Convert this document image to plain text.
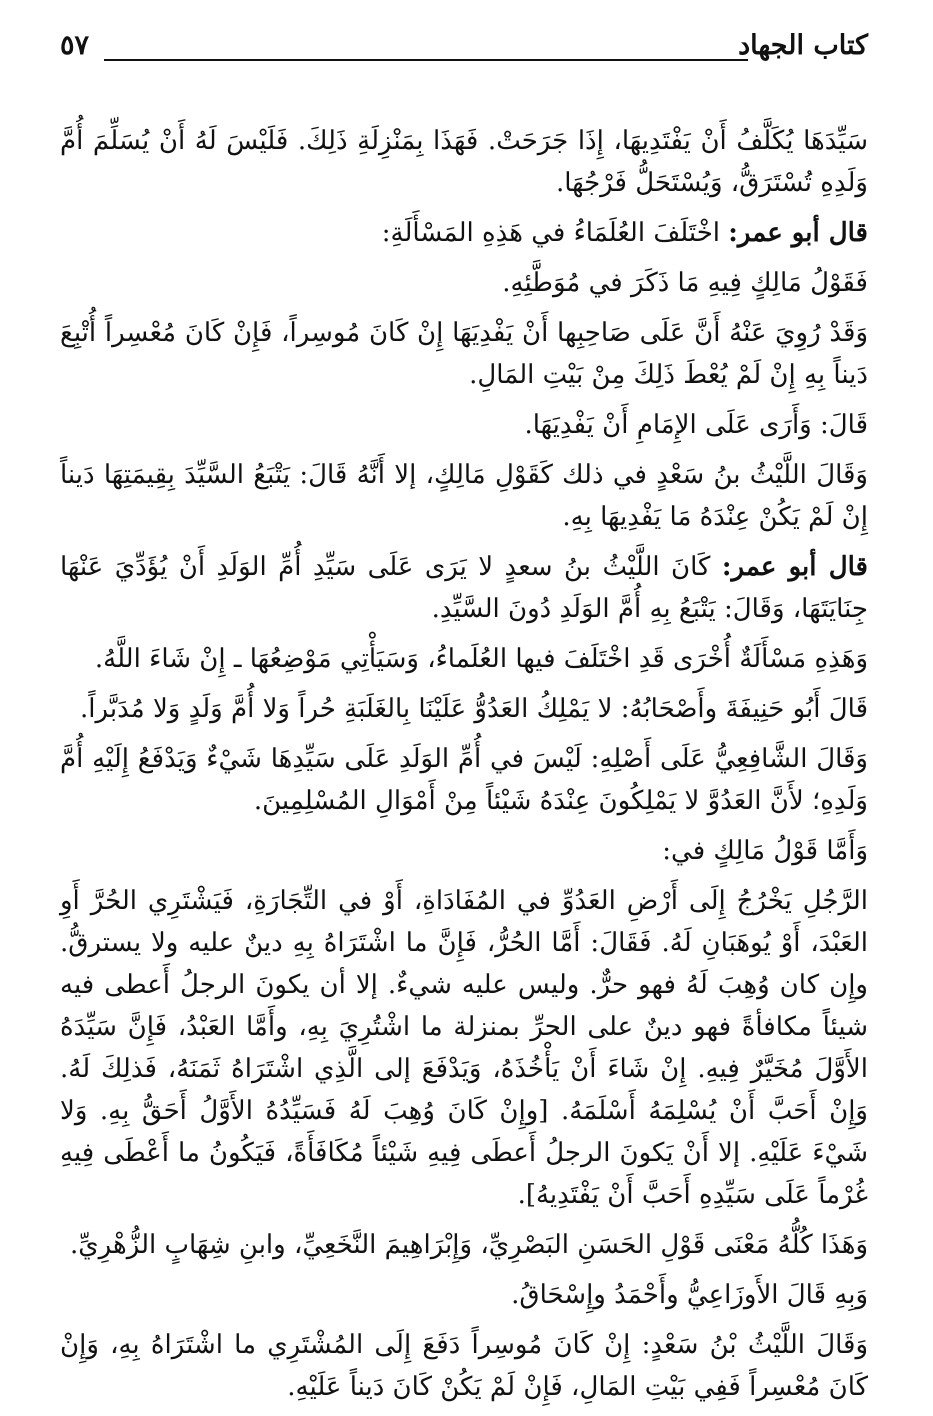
كتاب الجهاد
٥٧

سَيِّدَهَا يُكَلَّفُ أَنْ يَفْتَدِيهَا، إِذَا جَرَحَتْ. فَهَذَا بِمَنْزِلَةِ ذَلِكَ. فَلَيْسَ لَهُ أَنْ يُسَلِّمَ أُمَّ وَلَدِهِ تُسْتَرَقُّ، وَيُسْتَحَلُّ فَرْجُهَا.

قال أبو عمر: اخْتَلَفَ العُلَمَاءُ في هَذِهِ المَسْأَلَةِ:

فَقَوْلُ مَالِكٍ فِيهِ مَا ذَكَرَ في مُوَطَّئِهِ.

وَقَدْ رُوِيَ عَنْهُ أَنَّ عَلَى صَاحِبِها أَنْ يَفْدِيَهَا إِنْ كَانَ مُوسِراً، فَإِنْ كَانَ مُعْسِراً أُتْبِعَ دَيناً بِهِ إِنْ لَمْ يُعْطَ ذَلِكَ مِنْ بَيْتِ المَالِ.

قَالَ: وَأَرَى عَلَى الإِمَامِ أَنْ يَفْدِيَهَا.

وَقَالَ اللَّيْثُ بنُ سَعْدٍ في ذلك كَقَوْلِ مَالِكٍ، إلا أَنَّهُ قَالَ: يَتْبَعُ السَّيِّدَ بِقِيمَتِهَا دَيناً إِنْ لَمْ يَكُنْ عِنْدَهُ مَا يَفْدِيهَا بِهِ.

قال أبو عمر: كَانَ اللَّيْثُ بنُ سعدٍ لا يَرَى عَلَى سَيِّدِ أُمِّ الوَلَدِ أَنْ يُؤَدِّيَ عَنْهَا جِنَايَتَهَا، وَقَالَ: يَتْبَعُ بِهِ أُمَّ الوَلَدِ دُونَ السَّيِّدِ.

وَهَذِهِ مَسْأَلَةٌ أُخْرَى قَدِ اخْتَلَفَ فيها العُلَماءُ، وَسَيَأْتِي مَوْضِعُهَا ـ إِنْ شَاءَ اللَّهُ.

قَالَ أَبُو حَنِيفَةَ وأَصْحَابُهُ: لا يَمْلِكُ العَدُوُّ عَلَيْنَا بِالغَلَبَةِ حُراً وَلا أُمَّ وَلَدٍ وَلا مُدَبَّراً.

وَقَالَ الشَّافِعِيُّ عَلَى أَصْلِهِ: لَيْسَ في أُمِّ الوَلَدِ عَلَى سَيِّدِهَا شَيْءٌ وَيَدْفَعُ إِلَيْهِ أُمَّ وَلَدِهِ؛ لأَنَّ العَدُوَّ لا يَمْلِكُونَ عِنْدَهُ شَيْئاً مِنْ أَمْوَالِ المُسْلِمِينَ.

وَأَمَّا قَوْلُ مَالِكٍ في:

الرَّجُلِ يَخْرُجُ إِلَى أَرْضِ العَدُوِّ في المُفَادَاةِ، أَوْ في التِّجَارَةِ، فَيَشْتَرِي الحُرَّ أَوِ العَبْدَ، أَوْ يُوهَبَانِ لَهُ. فَقَالَ: أَمَّا الحُرُّ، فَإِنَّ ما اشْتَرَاهُ بِهِ دينٌ عليه ولا يسترقُّ. وإِن كان وُهِبَ لَهُ فهو حرٌّ. وليس عليه شيءٌ. إلا أن يكونَ الرجلُ أَعطى فيه شيئاً مكافأةً فهو دينٌ على الحرِّ بمنزلة ما اشْتُرِيَ بِهِ، وأَمَّا العَبْدُ، فَإِنَّ سَيِّدَهُ الأَوَّلَ مُخَيَّرٌ فِيهِ. إِنْ شَاءَ أَنْ يَأْخُذَهُ، وَيَدْفَعَ إلى الَّذِي اشْتَرَاهُ ثَمَنَهُ، فَذلِكَ لَهُ. وَإِنْ أَحَبَّ أَنْ يُسْلِمَهُ أَسْلَمَهُ. [وإِنْ كَانَ وُهِبَ لَهُ فَسَيِّدُهُ الأَوَّلُ أَحَقُّ بِهِ. وَلا شَيْءَ عَلَيْهِ. إلا أَنْ يَكونَ الرجلُ أَعطَى فِيهِ شَيْئاً مُكَافَأَةً، فَيَكُونُ ما أَعْطَى فِيهِ غُرْماً عَلَى سَيِّدِهِ أَحَبَّ أَنْ يَفْتَدِيهُ].

وَهَذَا كُلُّهُ مَعْنَى قَوْلِ الحَسَنِ البَصْرِيِّ، وَإِبْرَاهِيمَ النَّخَعِيِّ، وابنِ شِهَابٍ الزُّهْرِيِّ.

وَبِهِ قَالَ الأَوزَاعِيُّ وأَحْمَدُ وإِسْحَاقُ.

وَقَالَ اللَّيْثُ بْنُ سَعْدٍ: إِنْ كَانَ مُوسِراً دَفَعَ إِلَى المُشْتَرِي ما اشْتَرَاهُ بِهِ، وَإِنْ كَانَ مُعْسِراً فَفِي بَيْتِ المَالِ، فَإِنْ لَمْ يَكُنْ كَانَ دَيناً عَلَيْهِ.
